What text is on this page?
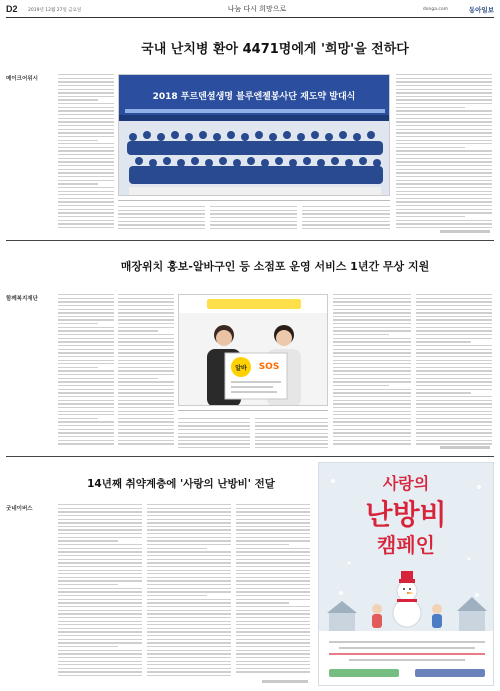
D2 2019년 12월 27일 금요일	나눔 다시 희망으로	donga.com	동아일보
국내 난치병 환아 4471명에게 '희망'을 전하다
메이크어위시
2018 푸르덴셜생명 블루엔젤봉사단 재도약 발대식
매장위치 홍보-알바구인 등 소점포 운영 서비스 1년간 무상 지원
함께복지재단
알바 SOS
14년째 취약계층에 '사랑의 난방비' 전달
굿네이버스
사랑의
난방비
캠페인
